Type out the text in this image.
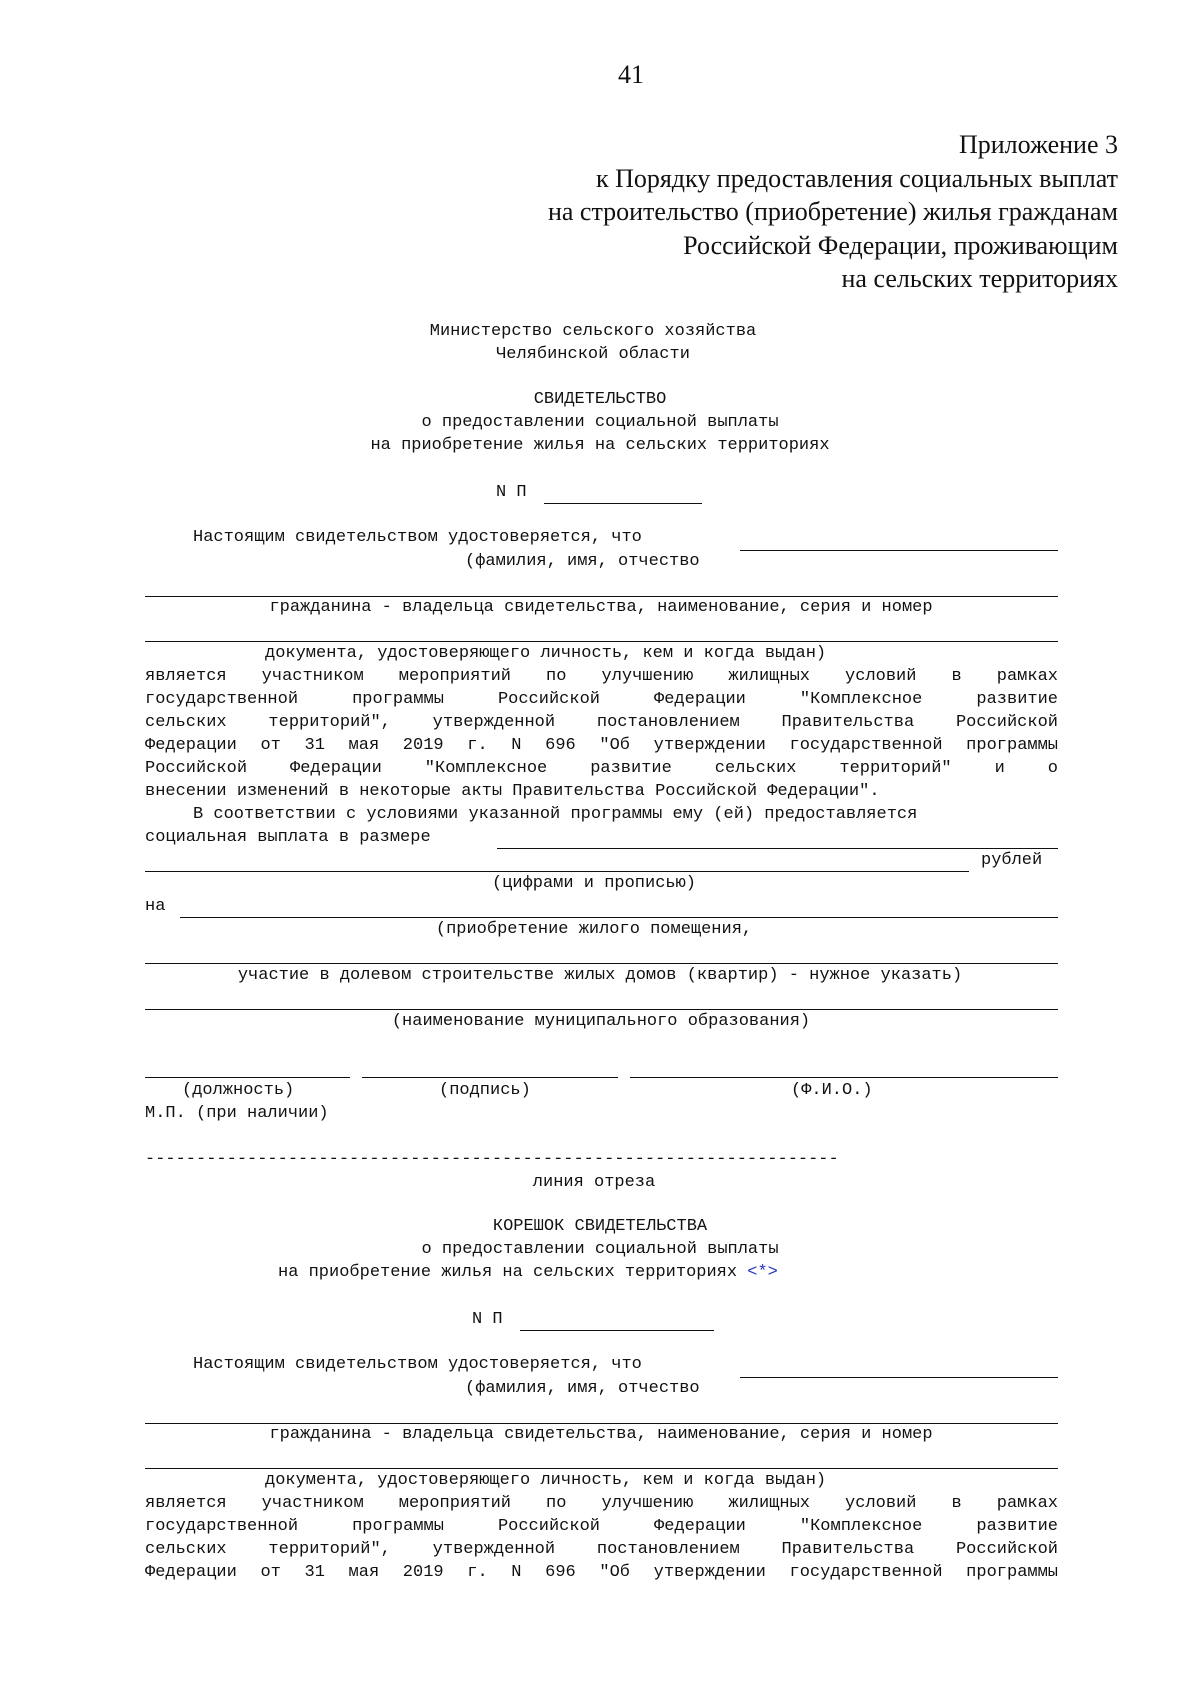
41
Приложение 3
к Порядку предоставления социальных выплат
на строительство (приобретение) жилья гражданам
Российской Федерации, проживающим
на сельских территориях
Министерство сельского хозяйства
Челябинской области
СВИДЕТЕЛЬСТВО
о предоставлении социальной выплаты
на приобретение жилья на сельских территориях
N П
Настоящим свидетельством удостоверяется, что
(фамилия, имя, отчество
гражданина - владельца свидетельства, наименование, серия и номер
документа, удостоверяющего личность, кем и когда выдан)
является участником мероприятий по улучшению жилищных условий в рамках
государственной программы Российской Федерации "Комплексное развитие
сельских территорий", утвержденной постановлением Правительства Российской
Федерации от 31 мая 2019 г. N 696 "Об утверждении государственной программы
Российской Федерации "Комплексное развитие сельских территорий" и о
внесении изменений в некоторые акты Правительства Российской Федерации".
В соответствии с условиями указанной программы ему (ей) предоставляется
социальная выплата в размере
рублей
(цифрами и прописью)
на
(приобретение жилого помещения,
участие в долевом строительстве жилых домов (квартир) - нужное указать)
(наименование муниципального образования)
(должность)	(подпись)	(Ф.И.О.)
М.П. (при наличии)
--------------------------------------------------------------------
линия отреза
КОРЕШОК СВИДЕТЕЛЬСТВА
о предоставлении социальной выплаты
на приобретение жилья на сельских территориях <*>
N П
Настоящим свидетельством удостоверяется, что
(фамилия, имя, отчество
гражданина - владельца свидетельства, наименование, серия и номер
документа, удостоверяющего личность, кем и когда выдан)
является участником мероприятий по улучшению жилищных условий в рамках
государственной программы Российской Федерации "Комплексное развитие
сельских территорий", утвержденной постановлением Правительства Российской
Федерации от 31 мая 2019 г. N 696 "Об утверждении государственной программы
